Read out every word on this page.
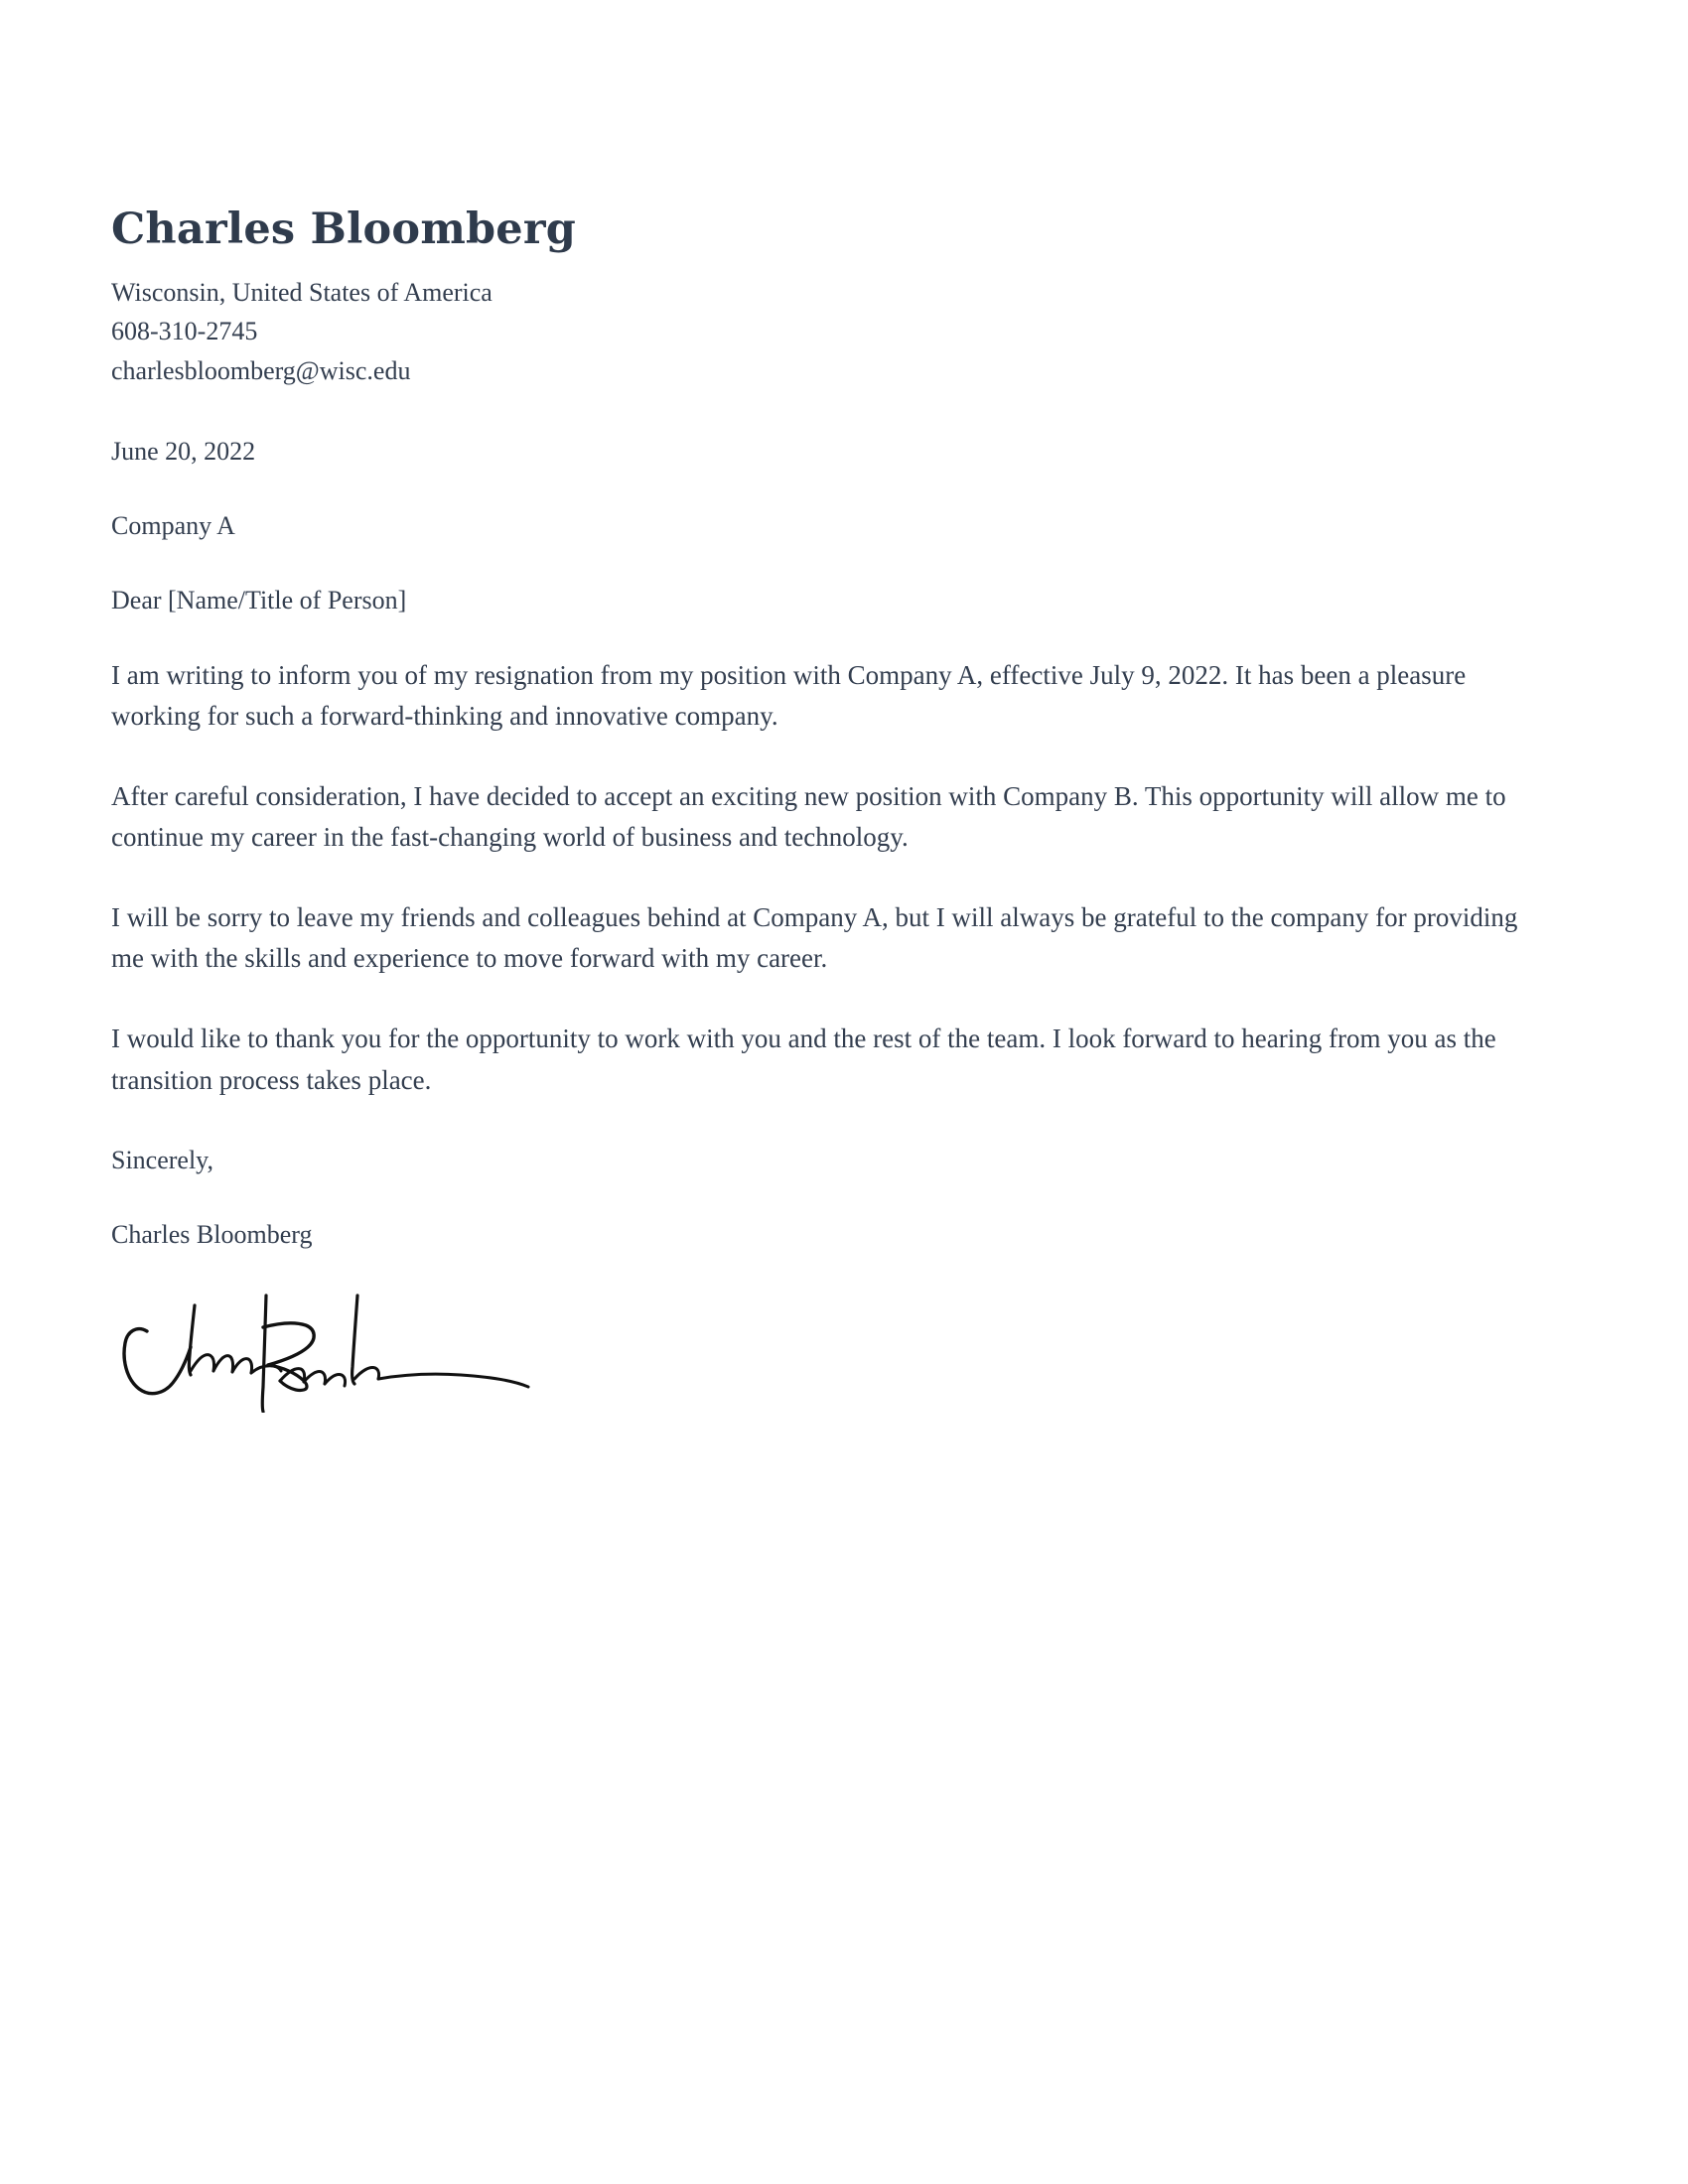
Charles Bloomberg

Wisconsin, United States of America

608-310-2745

charlesbloomberg@wisc.edu

June 20, 2022

Company A

Dear [Name/Title of Person]

I am writing to inform you of my resignation from my position with Company A, effective July 9, 2022. It has been a pleasure working for such a forward-thinking and innovative company.

After careful consideration, I have decided to accept an exciting new position with Company B. This opportunity will allow me to continue my career in the fast-changing world of business and technology.

I will be sorry to leave my friends and colleagues behind at Company A, but I will always be grateful to the company for providing me with the skills and experience to move forward with my career.

I would like to thank you for the opportunity to work with you and the rest of the team. I look forward to hearing from you as the transition process takes place.

Sincerely,

Charles Bloomberg
